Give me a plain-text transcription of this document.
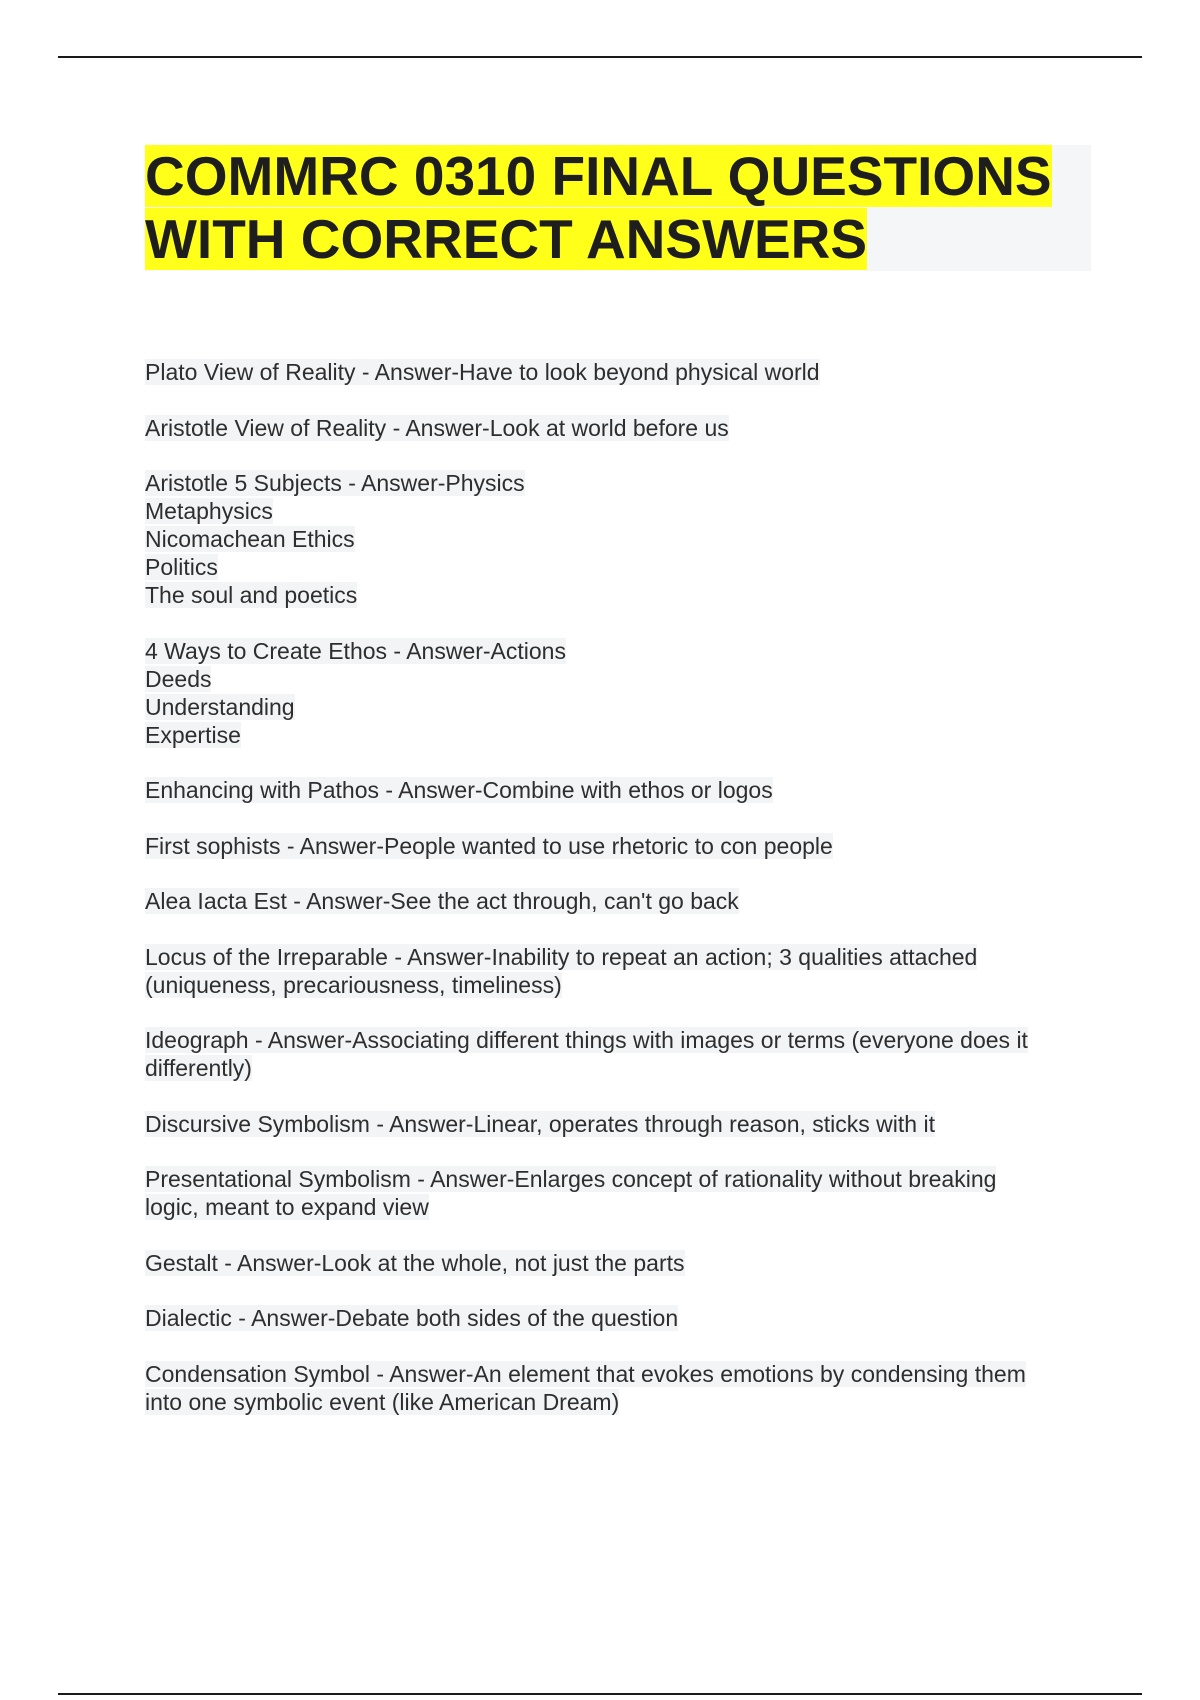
COMMRC 0310 FINAL QUESTIONS
WITH CORRECT ANSWERS

Plato View of Reality - Answer-Have to look beyond physical world

Aristotle View of Reality - Answer-Look at world before us

Aristotle 5 Subjects - Answer-Physics
Metaphysics
Nicomachean Ethics
Politics
The soul and poetics

4 Ways to Create Ethos - Answer-Actions
Deeds
Understanding
Expertise

Enhancing with Pathos - Answer-Combine with ethos or logos

First sophists - Answer-People wanted to use rhetoric to con people

Alea Iacta Est - Answer-See the act through, can't go back

Locus of the Irreparable - Answer-Inability to repeat an action; 3 qualities attached
(uniqueness, precariousness, timeliness)

Ideograph - Answer-Associating different things with images or terms (everyone does it
differently)

Discursive Symbolism - Answer-Linear, operates through reason, sticks with it

Presentational Symbolism - Answer-Enlarges concept of rationality without breaking
logic, meant to expand view

Gestalt - Answer-Look at the whole, not just the parts

Dialectic - Answer-Debate both sides of the question

Condensation Symbol - Answer-An element that evokes emotions by condensing them
into one symbolic event (like American Dream)
